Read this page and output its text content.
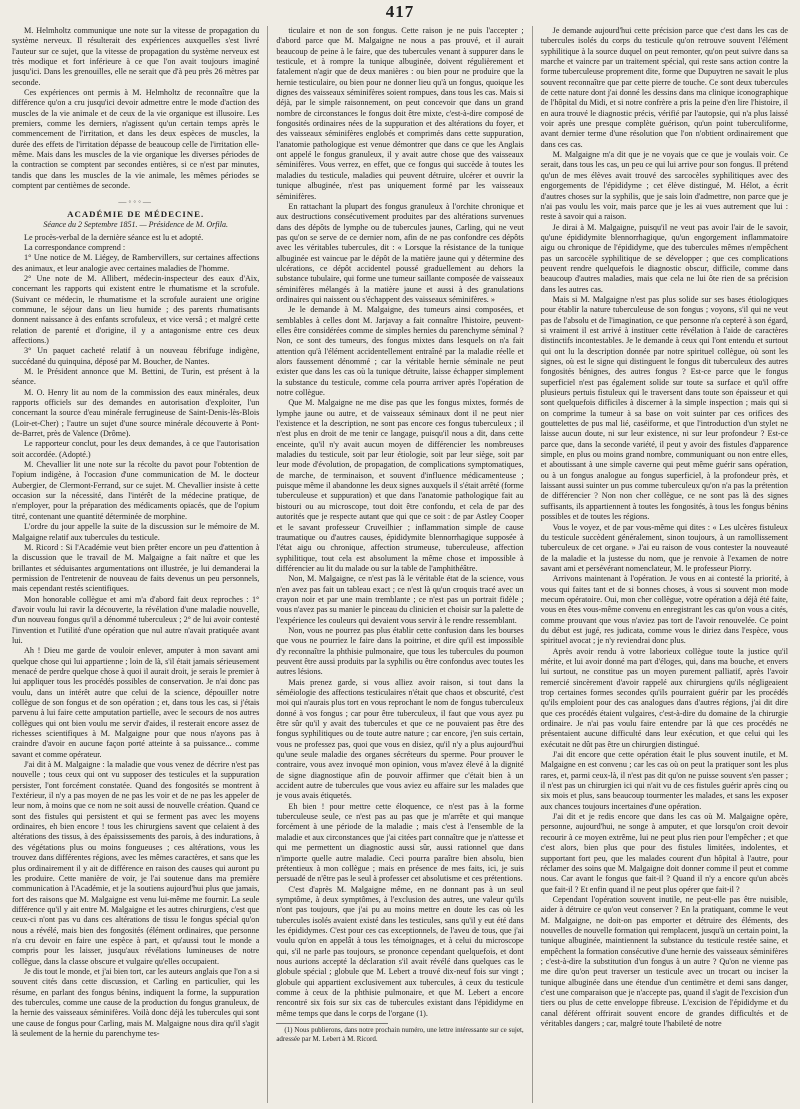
417

M. Helmholtz communique une note sur la vitesse de propagation du système nerveux. Il résulterait des expériences auxquelles s'est livré l'auteur sur ce sujet, que la vitesse de propagation du système nerveux est très modique et fort inférieure à ce que l'on avait toujours imaginé jusqu'ici. Dans les grenouilles, elle ne serait que d'à peu près 26 mètres par seconde.

Ces expériences ont permis à M. Helmholtz de reconnaître que la différence qu'on a cru jusqu'ici devoir admettre entre le mode d'action des muscles de la vie animale et de ceux de la vie organique est illusoire. Les premiers, comme les derniers, n'agissent qu'un certain temps après le commencement de l'irritation, et dans les deux espèces de muscles, la durée des effets de l'irritation dépasse de beaucoup celle de l'irritation elle-même. Mais dans les muscles de la vie organique les diverses périodes de la contraction se comptent par secondes entières, si ce n'est par minutes, tandis que dans les muscles de la vie animale, les mêmes périodes se comptent par centièmes de seconde.

—◦◦◦—
ACADÉMIE DE MÉDECINE.
Séance du 2 Septembre 1851. — Présidence de M. Orfila.

Le procès-verbal de la dernière séance est lu et adopté.

La correspondance comprend :

1° Une notice de M. Liégey, de Rambervillers, sur certaines affections des animaux, et leur analogie avec certaines maladies de l'homme.

2° Une note de M. Allibert, médecin-inspecteur des eaux d'Aix, concernant les rapports qui existent entre le rhumatisme et la scrofule. (Suivant ce médecin, le rhumatisme et la scrofule auraient une origine commune, le séjour dans un lieu humide ; des parents rhumatisants donnent naissance à des enfants scrofuleux, et vice versâ ; et malgré cette relation de parenté et d'origine, il y a antagonisme entre ces deux affections.)

3° Un paquet cacheté relatif à un nouveau fébrifuge indigène, succédané du quinquina, déposé par M. Boucher, de Nantes.

M. le Président annonce que M. Bettini, de Turin, est présent à la séance.

M. O. Henry lit au nom de la commission des eaux minérales, deux rapports officiels sur des demandes en autorisation d'exploiter, l'un concernant la source d'eau minérale ferrugineuse de Saint-Denis-lès-Blois (Loir-et-Cher) ; l'autre un sujet d'une source minérale découverte à Pont-de-Barret, près de Valence (Drôme).

Le rapporteur conclut, pour les deux demandes, à ce que l'autorisation soit accordée. (Adopté.)

M. Chevallier lit une note sur la récolte du pavot pour l'obtention de l'opium indigène, à l'occasion d'une communication de M. le docteur Aubergier, de Clermont-Ferrand, sur ce sujet. M. Chevallier insiste à cette occasion sur la nécessité, dans l'intérêt de la médecine pratique, de n'employer, pour la préparation des médicaments opiacés, que de l'opium titré, contenant une quantité déterminée de morphine.

L'ordre du jour appelle la suite de la discussion sur le mémoire de M. Malgaigne relatif aux tubercules du testicule.

M. Ricord : Si l'Académie veut bien prêter encore un peu d'attention à la discussion que le travail de M. Malgaigne a fait naître et que les brillantes et séduisantes argumentations ont illustrée, je lui demanderai la permission de l'entretenir de nouveau de faits devenus un peu personnels, mais cependant restés scientifiques.

Mon honorable collègue et ami m'a d'abord fait deux reproches : 1° d'avoir voulu lui ravir la découverte, la révélation d'une maladie nouvelle, d'un nouveau fongus qu'il a dénommé tuberculeux ; 2° de lui avoir contesté l'invention et l'utilité d'une opération que nul autre n'avait pratiquée avant lui.

Ah ! Dieu me garde de vouloir enlever, amputer à mon savant ami quelque chose qui lui appartienne ; loin de là, s'il était jamais sérieusement menacé de perdre quelque chose à quoi il aurait droit, je serais le premier à lui appliquer tous les procédés possibles de conservation. Je n'ai donc pas voulu, dans un intérêt autre que celui de la science, dépouiller notre collègue de son fongus et de son opération ; et, dans tous les cas, si j'étais parvenu à lui faire cette amputation partielle, avec le secours de nos autres collègues qui ont bien voulu me servir d'aides, il resterait encore assez de richesses scientifiques à M. Malgaigne pour que nous n'ayons pas à craindre d'avoir en aucune façon porté atteinte à sa puissance... comme savant et comme opérateur.

J'ai dit à M. Malgaigne : la maladie que vous venez de décrire n'est pas nouvelle ; tous ceux qui ont vu supposer des testicules et la suppuration persister, l'ont forcément constatée. Quand des fongosités se montrent à l'extérieur, il n'y a pas moyen de ne pas les voir et de ne pas les appeler de leur nom, à moins que ce nom ne soit aussi de nouvelle création. Quand ce sont des fistules qui persistent et qui se ferment pas avec les moyens ordinaires, eh bien encore ! tous les chirurgiens savent que celaient à des altérations des tissus, à des épaississements des parois, à des indurations, à des végétations plus ou moins fongueuses ; ces altérations, vous les trouvez dans différentes régions, avec les mêmes caractères, et sans que les plus ordinairement il y ait de différence en raison des causes qui auront pu les produire. Cette manière de voir, je l'ai soutenue dans ma première communication à l'Académie, et je la soutiens aujourd'hui plus que jamais, fort des raisons que M. Malgaigne est venu lui-même me fournir. La seule différence qu'il y ait entre M. Malgaigne et les autres chirurgiens, c'est que ceux-ci n'ont pas vu dans ces altérations de tissu le fongus spécial qu'on nous a révélé, mais bien des fongosités (élément ordinaires, que personne n'a cru devoir en faire une espèce à part, et qu'aussi tout le monde a compris pour les laisser, jusqu'aux révélations lumineuses de notre collègue, dans la classe obscure et vulgaire qu'elles occupaient.

Je dis tout le monde, et j'ai bien tort, car les auteurs anglais que l'on a si souvent cités dans cette discussion, et Carling en particulier, qui les résume, en parlant des fongus bénins, indiquent la forme, la suppuration des tubercules, comme une cause de la production du fongus granuleux, de la hernie des vaisseaux séminifères. Voilà donc déjà les tubercules qui sont une cause de fongus pour Carling, mais M. Malgaigne nous dira qu'il s'agit là seulement de la hernie du parenchyme tes-

ticulaire et non de son fongus. Cette raison je ne puis l'accepter ; d'abord parce que M. Malgaigne ne nous a pas prouvé, et il aurait beaucoup de peine à le faire, que des tubercules venant à suppurer dans le testicule, et à rompre la tunique albuginée, doivent régulièrement et fatalement n'agir que de deux manières : ou bien pour ne produire que la hernie testiculaire, ou bien pour ne donner lieu qu'à un fongus, quoique les dignes des vaisseaux séminifères soient rompues, dans tous les cas. Mais si déjà, par le simple raisonnement, on peut concevoir que dans un grand nombre de circonstances le fongus doit être mixte, c'est-à-dire composé de fongosités ordinaires nées de la suppuration et des altérations du foyer, et des vaisseaux séminifères englobés et comprimés dans cette suppuration, l'anatomie pathologique est venue démontrer que dans ce que les Anglais ont appelé le fongus granuleux, il y avait autre chose que des vaisseaux séminifères. Vous verrez, en effet, que ce fongus qui succède à toutes les maladies du testicule, maladies qui peuvent détruire, ulcérer et ouvrir la tunique albuginée, n'est pas uniquement formé par les vaisseaux séminifères.

En rattachant la plupart des fongus granuleux à l'orchite chronique et aux destructions consécutivement produites par des altérations survenues dans des dépôts de lymphe ou de tubercules jaunes, Carling, qui ne veut pas qu'on se serve de ce dernier nom, afin de ne pas confondre ces dépôts avec les véritables tubercules, dit : « Lorsque la résistance de la tunique albuginée est vaincue par le dépôt de la matière jaune qui y détermine des ulcérations, ce dépôt accidentel poussé graduellement au dehors la substance tubulaire, qui forme une tumeur saillante composée de vaisseaux séminifères mélangés à la matière jaune et aussi à des granulations ordinaires qui naissent ou s'échappent des vaisseaux séminifères. »

Je le demande à M. Malgaigne, des tumeurs ainsi composées, et semblables à celles dont M. Jarjavay a fait connaître l'histoire, peuvent-elles être considérées comme de simples hernies du parenchyme séminal ? Non, ce sont des tumeurs, des fongus mixtes dans lesquels on n'a fait attention qu'à l'élément accidentellement entraîné par la maladie réelle et alors faussement dénommé ; car la véritable hernie séminale ne peut exister que dans les cas où la tunique détruite, laisse échapper simplement la substance du testicule, comme cela pourra arriver après l'opération de notre collègue.

Que M. Malgaigne ne me dise pas que les fongus mixtes, formés de lymphe jaune ou autre, et de vaisseaux séminaux dont il ne peut nier l'existence et la description, ne sont pas encore ces fongus tuberculeux ; il n'est plus en droit de me tenir ce langage, puisqu'il nous a dit, dans cette enceinte, qu'il n'y avait aucun moyen de différencier les nombreuses maladies du testicule, soit par leur étiologie, soit par leur siège, soit par leur mode d'évolution, de propagation, de complications symptomatiques, de marche, de terminaison, et souvent d'influence médicamenteuse ; puisque même il abandonne les deux signes auxquels il s'était arrêté (forme tuberculeuse et suppuration) et que dans l'anatomie pathologique fait au bistouri ou au microscope, tout doit être confondu, et cela de par des autorités que je respecte autant que qui que ce soit : de par Astley Cooper et le savant professeur Cruveilhier ; inflammation simple de cause traumatique ou d'autres causes, épididymite blennorrhagique supposée à l'état aigu ou chronique, affection strumeuse, tuberculeuse, affection syphilitique, tout cela est absolument la même chose et impossible à différencier au lit du malade ou sur la table de l'amphithéâtre.

Non, M. Malgaigne, ce n'est pas là le véritable état de la science, vous n'en avez pas fait un tableau exact ; ce n'est là qu'un croquis tracé avec un crayon noir et par une main tremblante ; ce n'est pas un portrait fidèle ; vous n'avez pas su manier le pinceau du clinicien et choisir sur la palette de l'expérience les couleurs qui devaient vous servir à le rendre ressemblant.

Non, vous ne pourrez pas plus établir cette confusion dans les bourses que vous ne pourriez le faire dans la poitrine, et dire qu'il est impossible d'y reconnaître la phthisie pulmonaire, que tous les tubercules du poumon peuvent être aussi produits par la syphilis ou être confondus avec toutes les autres lésions.

Mais prenez garde, si vous alliez avoir raison, si tout dans la séméiologie des affections testiculaires n'était que chaos et obscurité, c'est moi qui n'aurais plus tort en vous reprochant le nom de fongus tuberculeux donné à vos fongus ; car pour être tuberculeux, il faut que vous ayez pu être sûr qu'il y avait des tubercules et que ce ne pouvaient pas être des fongus syphilitiques ou de toute autre nature ; car encore, j'en suis certain, vous ne professez pas, quoi que vous en disiez, qu'il n'y a plus aujourd'hui qu'une seule maladie des organes sécréteurs du sperme. Pour prouver le contraire, vous avez invoqué mon opinion, vous m'avez élevé à la dignité de signe diagnostique afin de pouvoir affirmer que c'était bien à un accident autre de tubercules que vous aviez eu affaire sur les malades que je vous avais étiquetés.

Eh bien ! pour mettre cette éloquence, ce n'est pas à la forme tuberculeuse seule, ce n'est pas au pas que je m'arrête et qui manque forcément à une période de la maladie ; mais c'est à l'ensemble de la maladie et aux circonstances que j'ai citées part connaître que je n'attesse et qui me permettent un diagnostic aussi sûr, aussi rationnel que dans n'importe quelle autre maladie. Ceci pourra paraître bien absolu, bien prétentieux à mon collègue ; mais en présence de mes faits, ici, je suis persuadé de n'être pas le seul à professer cet absolutisme et ces prétentions.

C'est d'après M. Malgaigne même, en ne donnant pas à un seul symptôme, à deux symptômes, à l'exclusion des autres, une valeur qu'ils n'ont pas toujours, que j'ai pu au moins mettre en doute les cas où les tubercules isolés avaient existé dans les testicules, sans qu'il y eut été dans les épididymes. C'est pour ces cas exceptionnels, de l'aveu de tous, que j'ai voulu qu'on en appelât à tous les témoignages, et à celui du microscope qui, s'il ne parle pas toujours, se prononce cependant quelquefois, et dont nous aurions accepté la déclaration s'il avait révélé dans quelques cas le globule spécial ; globule que M. Lebert a trouvé dix-neuf fois sur vingt ; globule qui appartient exclusivement aux tubercules, à ceux du testicule comme à ceux de la phthisie pulmonaire, et que M. Lebert a encore rencontré six fois sur six cas de tubercules existant dans l'épididyme en même temps que dans le corps de l'organe (1).

(1) Nous publierons, dans notre prochain numéro, une lettre intéressante sur ce sujet, adressée par M. Lebert à M. Ricord.

Je demande aujourd'hui cette précision parce que c'est dans les cas de tubercules isolés du corps du testicule qu'on retrouve souvent l'élément syphilitique à la source duquel on peut remonter, qu'on peut suivre dans sa marche et vaincre par un traitement spécial, qui reste sans action contre la forme tuberculeuse proprement dite, forme que Dupuytren ne savait le plus souvent reconnaître que par cette pierre de touche. Ce sont deux tubercules de cette nature dont j'ai donné les dessins dans ma clinique iconographique de l'hôpital du Midi, et si notre confrère a pris la peine d'en lire l'histoire, il en aura trouvé le diagnostic précis, vérifié par l'autopsie, qui n'a plus laissé voir après une presque complète guérison, qu'un point tuberculiforme, avant dernier terme d'une résolution que l'on n'obtient ordinairement que dans ces cas.

M. Malgaigne m'a dit que je ne voyais que ce que je voulais voir. Ce serait, dans tous les cas, un peu ce qui lui arrive pour son fongus. Il prétend qu'un de mes élèves avait trouvé des sarcocèles syphilitiques avec des engorgements de l'épididyme ; cet élève distingué, M. Hélot, a écrit d'autres choses sur la syphilis, que je sais loin d'admettre, non parce que je n'ai pas voulu les voir, mais parce que je les ai vues autrement que lui : reste à savoir qui a raison.

Je dirai à M. Malgaigne, puisqu'il ne veut pas avoir l'air de le savoir, qu'une épididymite blennorrhagique, qu'un engorgement inflammatoire aigu ou chronique de l'épididyme, que des tubercules mêmes n'empêchent pas un sarcocèle syphilitique de se développer ; que ces complications peuvent rendre quelquefois le diagnostic obscur, difficile, comme dans beaucoup d'autres maladies, mais que cela ne lui ôte rien de sa précision dans les autres cas.

Mais si M. Malgaigne n'est pas plus solide sur ses bases étiologiques pour établir la nature tuberculeuse de son fongus ; voyons, s'il qui ne veut pas de l'absolu et de l'imagination, ce que personne n'a cepteré à son égard, si vraiment il est arrivé à instituer cette révélation à l'aide de caractères distinctifs incontestables. Je le demande à ceux qui l'ont entendu et surtout qui ont lu la description donnée par notre spirituel collègue, où sont les signes, où est le signe qui distinguent le fongus dit tuberculeux des autres fongosités bénignes, des autres fongus ? Est-ce parce que le fongus superficiel n'est pas également solide sur toute sa surface et qu'il offre plusieurs pertuis fistuleux qui le traversent dans toute son épaisseur et qui sont quelquefois difficiles à discerner à la simple inspection ; mais qui si on comprime la tumeur à sa base on voit suinter par ces orifices des gouttelettes de pus mal lié, caséiforme, et que l'introduction d'un stylet ne laisse aucun doute, ni sur leur existence, ni sur leur profondeur ? Est-ce parce que, dans la seconde variété, il peut y avoir des fistules d'apparence simple, en plus ou moins grand nombre, communiquant ou non entre elles, et aboutissant à une simple caverne qui peut même guérir sans opération, ou à un fongus analogue au fongus superficiel, à la profondeur près, et laissant aussi suinter un pus comme tuberculeux qu'on n'a pas la prétention de différencier ? Non non cher collègue, ce ne sont pas là des signes suffisants, ils appartiennent à toutes les fongosités, à tous les fongus bénins possibles et de toutes les régions.

Vous le voyez, et de par vous-même qui dites : « Les ulcères fistuleux du testicule succèdent généralement, sinon toujours, à un ramollissement tuberculeux de cet organe. » J'ai eu raison de vous contester la nouveauté de la maladie et la justesse du nom, que je renvoie à l'examen de notre savant ami et persévérant nomenclateur, M. le professeur Piorry.

Arrivons maintenant à l'opération. Je vous en ai contesté la priorité, à vous qui faites tant et de si bonnes choses, à vous si souvent mon mode mecum opératoire. Oui, mon cher collègue, votre opération a déjà été faite, vous en êtes vous-même convenu en enregistrant les cas qu'on vous a cités, comme prouvant que vous n'aviez pas tort de l'avoir renouvelée. Ce point du début est jugé, res judicata, comme vous le diriez dans l'espèce, vous spirituel avocat ; je n'y reviendrai donc plus.

Après avoir rendu à votre laborieux collègue toute la justice qu'il mérite, et lui avoir donné ma part d'éloges, qui, dans ma bouche, et envers lui surtout, ne constitue pas un moyen purement palliatif, après l'avoir remercié sincèrement d'avoir rappelé aux chirurgiens qu'ils négligeaient trop certaines formes secondes qu'ils pourraient guérir par les procédés qu'ils emploient pour des cas analogues dans d'autres régions, j'ai dit dire que ces procédés étaient vulgaires, c'est-à-dire du domaine de la chirurgie ordinaire. Je n'ai pas voulu faire entendre par là que ces procédés ne présentaient aucune difficulté dans leur exécution, et que celui qui les exécutait ne dût pas être un chirurgien distingué.

J'ai dit encore que cette opération était le plus souvent inutile, et M. Malgaigne en est convenu ; car les cas où on peut la pratiquer sont les plus rares, et, parmi ceux-là, il n'est pas dit qu'on ne puisse souvent s'en passer ; il n'est pas un chirurgien ici qui n'ait vu de ces fistules guérir après cinq ou six mois et plus, sans beaucoup tourmenter les malades, et sans les exposer aux chances toujours incertaines d'une opération.

J'ai dit et je redis encore que dans les cas où M. Malgaigne opère, personne, aujourd'hui, ne songe à amputer, et que lorsqu'on croit devoir recourir à ce moyen extrême, lui ne peut plus rien pour l'empêcher ; et que c'est alors, bien plus que pour des fistules limitées, indolentes, et supportant fort peu, que les malades courent d'un hôpital à l'autre, pour réclamer des soins que M. Malgaigne doit donner comme il peut et comme nous. Car avant le fongus que fait-il ? Quand il n'y a encore qu'un abcès que fait-il ? Et enfin quand il ne peut plus opérer que fait-il ?

Cependant l'opération souvent inutile, ne peut-elle pas être nuisible, aider à détruire ce qu'on veut conserver ? En la pratiquant, comme le veut M. Malgaigne, ne doit-on pas emporter et détruire des éléments, des nouvelles de nouvelle formation qui remplacent, jusqu'à un certain point, la tunique albuginée, maintiennent la substance du testicule restée saine, et empêchent la formation consécutive d'une hernie des vaisseaux séminifères ; c'est-à-dire la substitution d'un fongus à un autre ? Qu'on ne vienne pas me dire qu'on peut traverser un testicule avec un trocart ou inciser la tunique albuginée dans une étendue d'un centimètre et demi sans danger, c'est une comparaison que je n'accepte pas, quand il s'agit de l'excision d'un tiers ou plus de cette enveloppe fibreuse. L'excision de l'épididyme et du canal déférent offrirait souvent encore de grandes difficultés et de véritables dangers ; car, malgré toute l'habileté de notre
